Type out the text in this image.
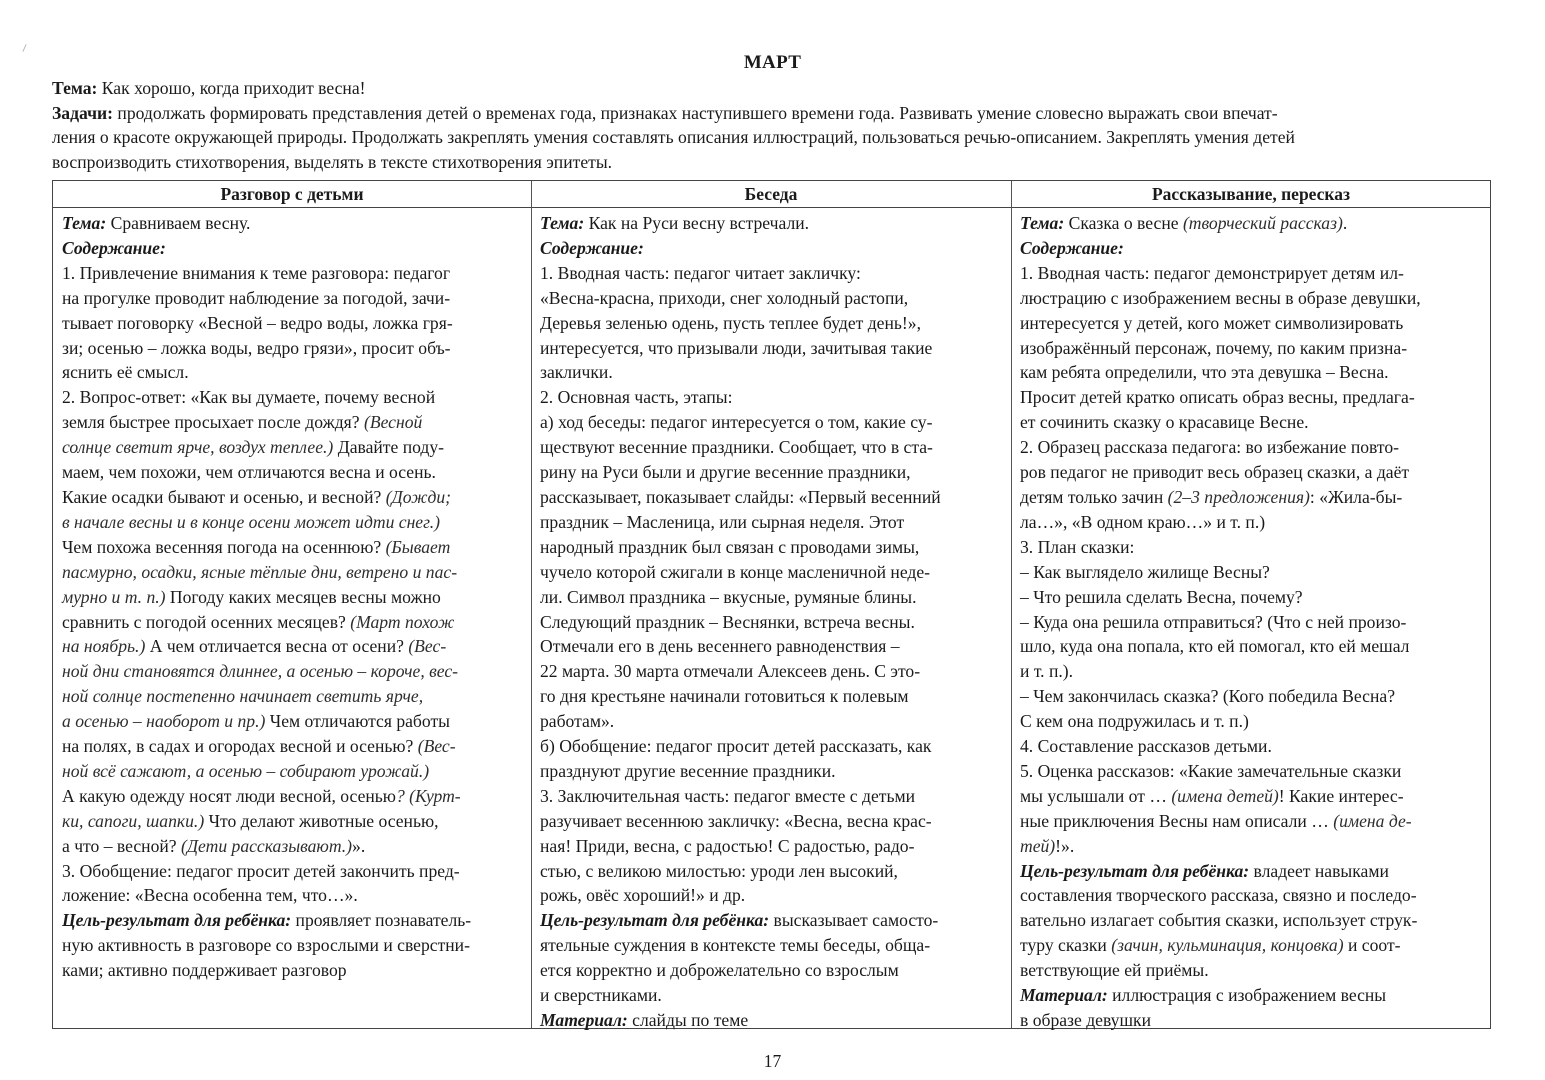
МАРТ
Тема: Как хорошо, когда приходит весна!
Задачи: продолжать формировать представления детей о временах года, признаках наступившего времени года. Развивать умение словесно выражать свои впечат-
ления о красоте окружающей природы. Продолжать закреплять умения составлять описания иллюстраций, пользоваться речью-описанием. Закреплять умения детей
воспроизводить стихотворения, выделять в тексте стихотворения эпитеты.
Разговор с детьми	Беседа	Рассказывание, пересказ
Тема: Сравниваем весну.
Содержание:
1. Привлечение внимания к теме разговора: педагог
на прогулке проводит наблюдение за погодой, зачи-
тывает поговорку «Весной – ведро воды, ложка гря-
зи; осенью – ложка воды, ведро грязи», просит объ-
яснить её смысл.
2. Вопрос-ответ: «Как вы думаете, почему весной
земля быстрее просыхает после дождя? (Весной
солнце светит ярче, воздух теплее.) Давайте поду-
маем, чем похожи, чем отличаются весна и осень.
Какие осадки бывают и осенью, и весной? (Дожди;
в начале весны и в конце осени может идти снег.)
Чем похожа весенняя погода на осеннюю? (Бывает
пасмурно, осадки, ясные тёплые дни, ветрено и пас-
мурно и т. п.) Погоду каких месяцев весны можно
сравнить с погодой осенних месяцев? (Март похож
на ноябрь.) А чем отличается весна от осени? (Вес-
ной дни становятся длиннее, а осенью – короче, вес-
ной солнце постепенно начинает светить ярче,
а осенью – наоборот и пр.) Чем отличаются работы
на полях, в садах и огородах весной и осенью? (Вес-
ной всё сажают, а осенью – собирают урожай.)
А какую одежду носят люди весной, осенью? (Курт-
ки, сапоги, шапки.) Что делают животные осенью,
а что – весной? (Дети рассказывают.)».
3. Обобщение: педагог просит детей закончить пред-
ложение: «Весна особенна тем, что…».
Цель-результат для ребёнка: проявляет познаватель-
ную активность в разговоре со взрослыми и сверстни-
ками; активно поддерживает разговор
Тема: Как на Руси весну встречали.
Содержание:
1. Вводная часть: педагог читает закличку:
«Весна-красна, приходи, снег холодный растопи,
Деревья зеленью одень, пусть теплее будет день!»,
интересуется, что призывали люди, зачитывая такие
заклички.
2. Основная часть, этапы:
а) ход беседы: педагог интересуется о том, какие су-
ществуют весенние праздники. Сообщает, что в ста-
рину на Руси были и другие весенние праздники,
рассказывает, показывает слайды: «Первый весенний
праздник – Масленица, или сырная неделя. Этот
народный праздник был связан с проводами зимы,
чучело которой сжигали в конце масленичной неде-
ли. Символ праздника – вкусные, румяные блины.
Следующий праздник – Веснянки, встреча весны.
Отмечали его в день весеннего равноденствия –
22 марта. 30 марта отмечали Алексеев день. С это-
го дня крестьяне начинали готовиться к полевым
работам».
б) Обобщение: педагог просит детей рассказать, как
празднуют другие весенние праздники.
3. Заключительная часть: педагог вместе с детьми
разучивает весеннюю закличку: «Весна, весна крас-
ная! Приди, весна, с радостью! С радостью, радо-
стью, с великою милостью: уроди лен высокий,
рожь, овёс хороший!» и др.
Цель-результат для ребёнка: высказывает самосто-
ятельные суждения в контексте темы беседы, обща-
ется корректно и доброжелательно со взрослым
и сверстниками.
Материал: слайды по теме
Тема: Сказка о весне (творческий рассказ).
Содержание:
1. Вводная часть: педагог демонстрирует детям ил-
люстрацию с изображением весны в образе девушки,
интересуется у детей, кого может символизировать
изображённый персонаж, почему, по каким призна-
кам ребята определили, что эта девушка – Весна.
Просит детей кратко описать образ весны, предлага-
ет сочинить сказку о красавице Весне.
2. Образец рассказа педагога: во избежание повто-
ров педагог не приводит весь образец сказки, а даёт
детям только зачин (2–3 предложения): «Жила-бы-
ла…», «В одном краю…» и т. п.)
3. План сказки:
– Как выглядело жилище Весны?
– Что решила сделать Весна, почему?
– Куда она решила отправиться? (Что с ней произо-
шло, куда она попала, кто ей помогал, кто ей мешал
и т. п.).
– Чем закончилась сказка? (Кого победила Весна?
С кем она подружилась и т. п.)
4. Составление рассказов детьми.
5. Оценка рассказов: «Какие замечательные сказки
мы услышали от … (имена детей)! Какие интерес-
ные приключения Весны нам описали … (имена де-
тей)!».
Цель-результат для ребёнка: владеет навыками
составления творческого рассказа, связно и последо-
вательно излагает события сказки, использует струк-
туру сказки (зачин, кульминация, концовка) и соот-
ветствующие ей приёмы.
Материал: иллюстрация с изображением весны
в образе девушки
17
